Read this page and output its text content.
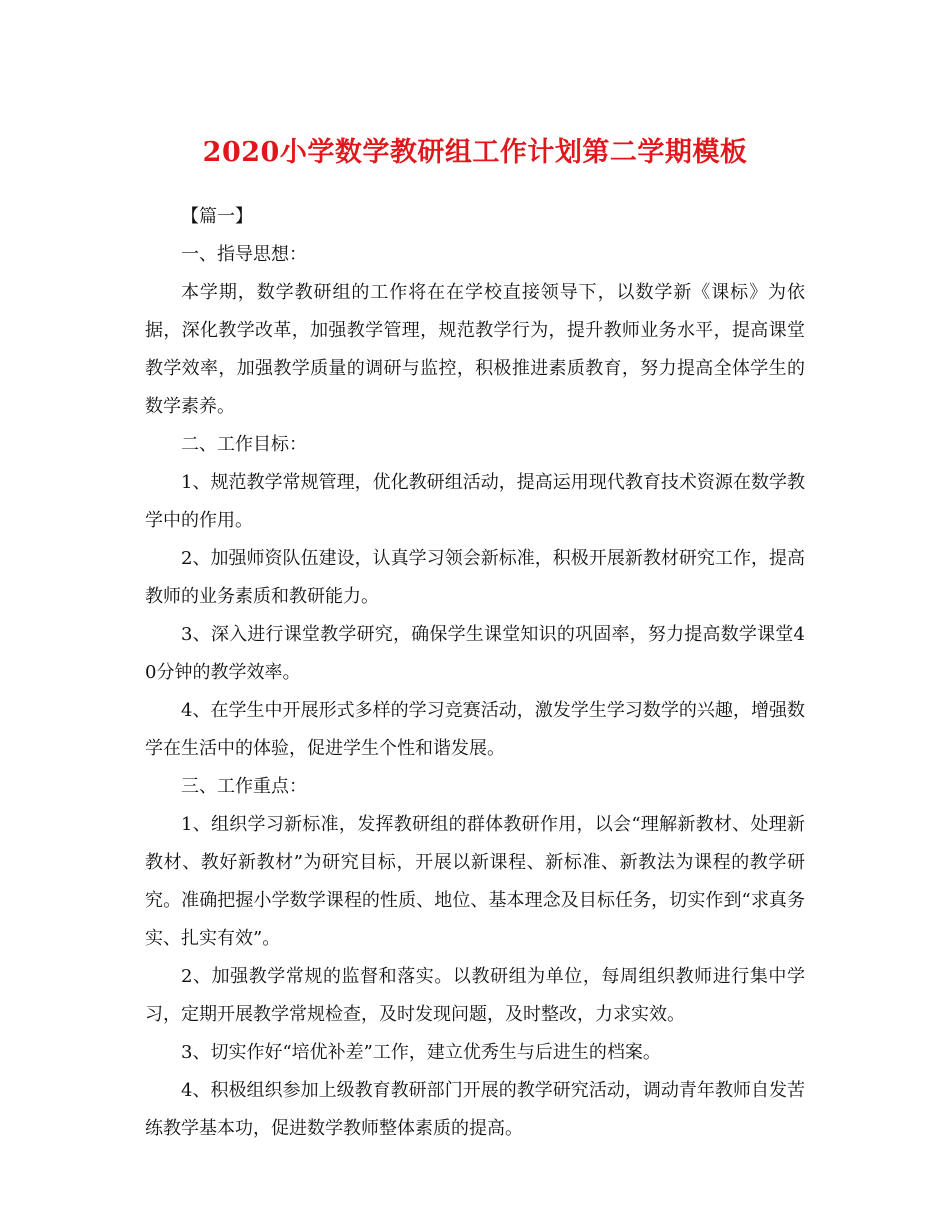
2020小学数学教研组工作计划第二学期模板

【篇一】

一、指导思想：

本学期，数学教研组的工作将在在学校直接领导下，以数学新《课标》为依据，深化教学改革，加强教学管理，规范教学行为，提升教师业务水平，提高课堂教学效率，加强教学质量的调研与监控，积极推进素质教育，努力提高全体学生的数学素养。

二、工作目标：

1、规范教学常规管理，优化教研组活动，提高运用现代教育技术资源在数学教学中的作用。

2、加强师资队伍建设，认真学习领会新标准，积极开展新教材研究工作，提高教师的业务素质和教研能力。

3、深入进行课堂教学研究，确保学生课堂知识的巩固率，努力提高数学课堂40分钟的教学效率。

4、在学生中开展形式多样的学习竞赛活动，激发学生学习数学的兴趣，增强数学在生活中的体验，促进学生个性和谐发展。

三、工作重点：

1、组织学习新标准，发挥教研组的群体教研作用，以会“理解新教材、处理新教材、教好新教材”为研究目标，开展以新课程、新标准、新教法为课程的教学研究。准确把握小学数学课程的性质、地位、基本理念及目标任务，切实作到“求真务实、扎实有效”。

2、加强教学常规的监督和落实。以教研组为单位，每周组织教师进行集中学习，定期开展教学常规检查，及时发现问题，及时整改，力求实效。

3、切实作好“培优补差”工作，建立优秀生与后进生的档案。

4、积极组织参加上级教育教研部门开展的教学研究活动，调动青年教师自发苦练教学基本功，促进数学教师整体素质的提高。
